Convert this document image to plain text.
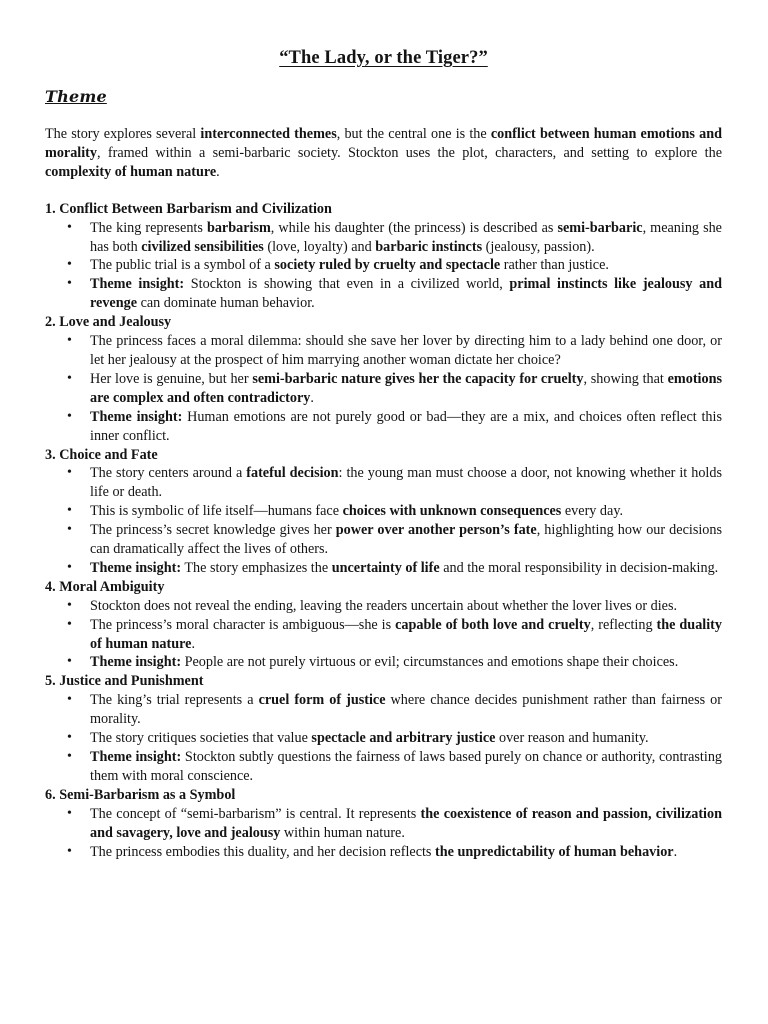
“The Lady, or the Tiger?”
Theme

The story explores several interconnected themes, but the central one is the conflict between human emotions and morality, framed within a semi-barbaric society. Stockton uses the plot, characters, and setting to explore the complexity of human nature.

1. Conflict Between Barbarism and Civilization
• The king represents barbarism, while his daughter (the princess) is described as semi-barbaric, meaning she has both civilized sensibilities (love, loyalty) and barbaric instincts (jealousy, passion).
• The public trial is a symbol of a society ruled by cruelty and spectacle rather than justice.
• Theme insight: Stockton is showing that even in a civilized world, primal instincts like jealousy and revenge can dominate human behavior.
2. Love and Jealousy
• The princess faces a moral dilemma: should she save her lover by directing him to a lady behind one door, or let her jealousy at the prospect of him marrying another woman dictate her choice?
• Her love is genuine, but her semi-barbaric nature gives her the capacity for cruelty, showing that emotions are complex and often contradictory.
• Theme insight: Human emotions are not purely good or bad—they are a mix, and choices often reflect this inner conflict.
3. Choice and Fate
• The story centers around a fateful decision: the young man must choose a door, not knowing whether it holds life or death.
• This is symbolic of life itself—humans face choices with unknown consequences every day.
• The princess’s secret knowledge gives her power over another person’s fate, highlighting how our decisions can dramatically affect the lives of others.
• Theme insight: The story emphasizes the uncertainty of life and the moral responsibility in decision-making.
4. Moral Ambiguity
• Stockton does not reveal the ending, leaving the readers uncertain about whether the lover lives or dies.
• The princess’s moral character is ambiguous—she is capable of both love and cruelty, reflecting the duality of human nature.
• Theme insight: People are not purely virtuous or evil; circumstances and emotions shape their choices.
5. Justice and Punishment
• The king’s trial represents a cruel form of justice where chance decides punishment rather than fairness or morality.
• The story critiques societies that value spectacle and arbitrary justice over reason and humanity.
• Theme insight: Stockton subtly questions the fairness of laws based purely on chance or authority, contrasting them with moral conscience.
6. Semi-Barbarism as a Symbol
• The concept of “semi-barbarism” is central. It represents the coexistence of reason and passion, civilization and savagery, love and jealousy within human nature.
• The princess embodies this duality, and her decision reflects the unpredictability of human behavior.
